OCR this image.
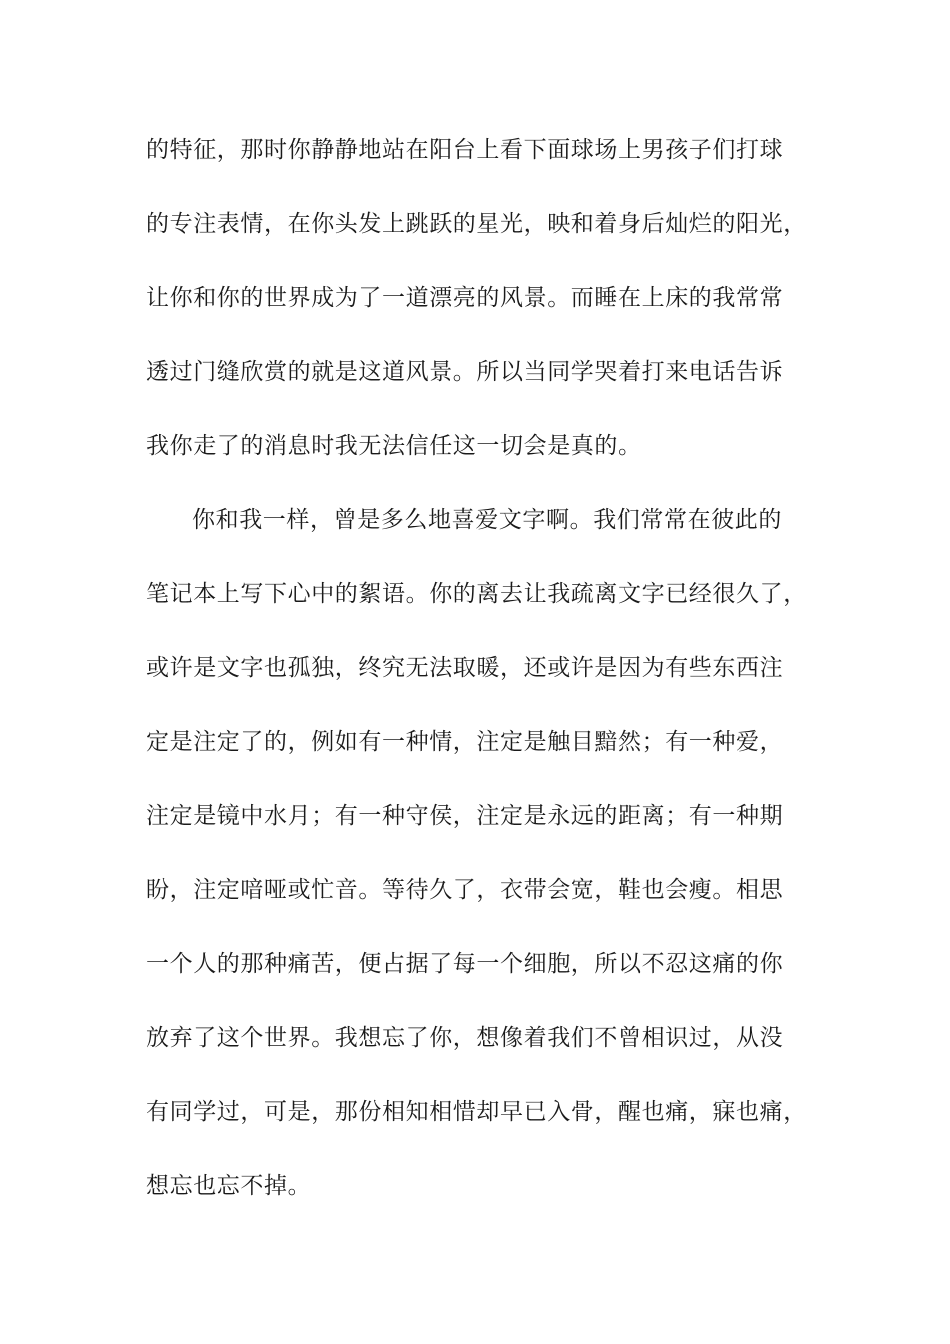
的特征，那时你静静地站在阳台上看下面球场上男孩子们打球
的专注表情，在你头发上跳跃的星光，映和着身后灿烂的阳光，
让你和你的世界成为了一道漂亮的风景。而睡在上床的我常常
透过门缝欣赏的就是这道风景。所以当同学哭着打来电话告诉
我你走了的消息时我无法信任这一切会是真的。
你和我一样，曾是多么地喜爱文字啊。我们常常在彼此的
笔记本上写下心中的絮语。你的离去让我疏离文字已经很久了，
或许是文字也孤独，终究无法取暖，还或许是因为有些东西注
定是注定了的，例如有一种情，注定是触目黯然；有一种爱，
注定是镜中水月；有一种守侯，注定是永远的距离；有一种期
盼，注定喑哑或忙音。等待久了，衣带会宽，鞋也会瘦。相思
一个人的那种痛苦，便占据了每一个细胞，所以不忍这痛的你
放弃了这个世界。我想忘了你，想像着我们不曾相识过，从没
有同学过，可是，那份相知相惜却早已入骨，醒也痛，寐也痛，
想忘也忘不掉。
